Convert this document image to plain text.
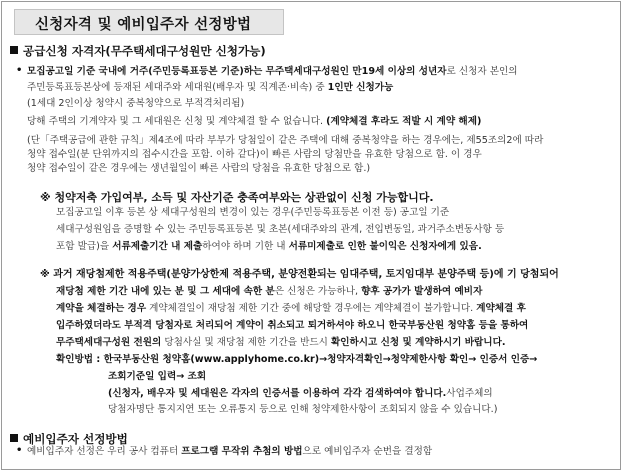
신청자격 및 예비입주자 선정방법
공급신청 자격자(무주택세대구성원만 신청가능)
• 모집공고일 기준 국내에 거주(주민등록표등본 기준)하는 무주택세대구성원인 만19세 이상의 성년자로 신청자 본인의
주민등록표등본상에 등재된 세대주와 세대원(배우자 및 직계존·비속) 중 1인만 신청가능
(1세대 2인이상 청약시 중복청약으로 부적격처리됨)
당해 주택의 기계약자 및 그 세대원은 신청 및 계약체결 할 수 없습니다. (계약체결 후라도 적발 시 계약 해제)
(단「주택공급에 관한 규칙」제4조에 따라 부부가 당첨일이 같은 주택에 대해 중복청약을 하는 경우에는, 제55조의2에 따라
청약 접수일(분 단위까지의 접수시간을 포함. 이하 같다)이 빠른 사람의 당첨만을 유효한 당첨으로 함. 이 경우
청약 접수일이 같은 경우에는 생년월일이 빠른 사람의 당첨을 유효한 당첨으로 함.)
※ 청약저축 가입여부, 소득 및 자산기준 충족여부와는 상관없이 신청 가능합니다.
모집공고일 이후 등본 상 세대구성원의 변경이 있는 경우(주민등록표등본 이전 등) 공고일 기준
세대구성원임을 증명할 수 있는 주민등록표등본 및 초본(세대주와의 관계, 전입변동일, 과거주소변동사항 등
포함 발급)을 서류제출기간 내 제출하여야 하며 기한 내 서류미제출로 인한 불이익은 신청자에게 있음.
※ 과거 재당첨제한 적용주택(분양가상한제 적용주택, 분양전환되는 임대주택, 토지임대부 분양주택 등)에 기 당첨되어
재당첨 제한 기간 내에 있는 분 및 그 세대에 속한 분은 신청은 가능하나, 향후 공가가 발생하여 예비자
계약을 체결하는 경우 계약체결일이 재당첨 제한 기간 중에 해당할 경우에는 계약체결이 불가합니다. 계약체결 후
입주하였더라도 부적격 당첨자로 처리되어 계약이 취소되고 퇴거하셔야 하오니 한국부동산원 청약홈 등을 통하여
무주택세대구성원 전원의 당첨사실 및 재당첨 제한 기간을 반드시 확인하시고 신청 및 계약하시기 바랍니다.
확인방법 : 한국부동산원 청약홈(www.applyhome.co.kr)→청약자격확인→청약제한사항 확인→ 인증서 인증→
조회기준일 입력→ 조회
(신청자, 배우자 및 세대원은 각자의 인증서를 이용하여 각각 검색하여야 합니다.사업주체의
당첨자명단 통지지연 또는 오류통지 등으로 인해 청약제한사항이 조회되지 않을 수 있습니다.)
예비입주자 선정방법
• 예비입주자 선정은 우리 공사 컴퓨터 프로그램 무작위 추첨의 방법으로 예비입주자 순번을 결정함
